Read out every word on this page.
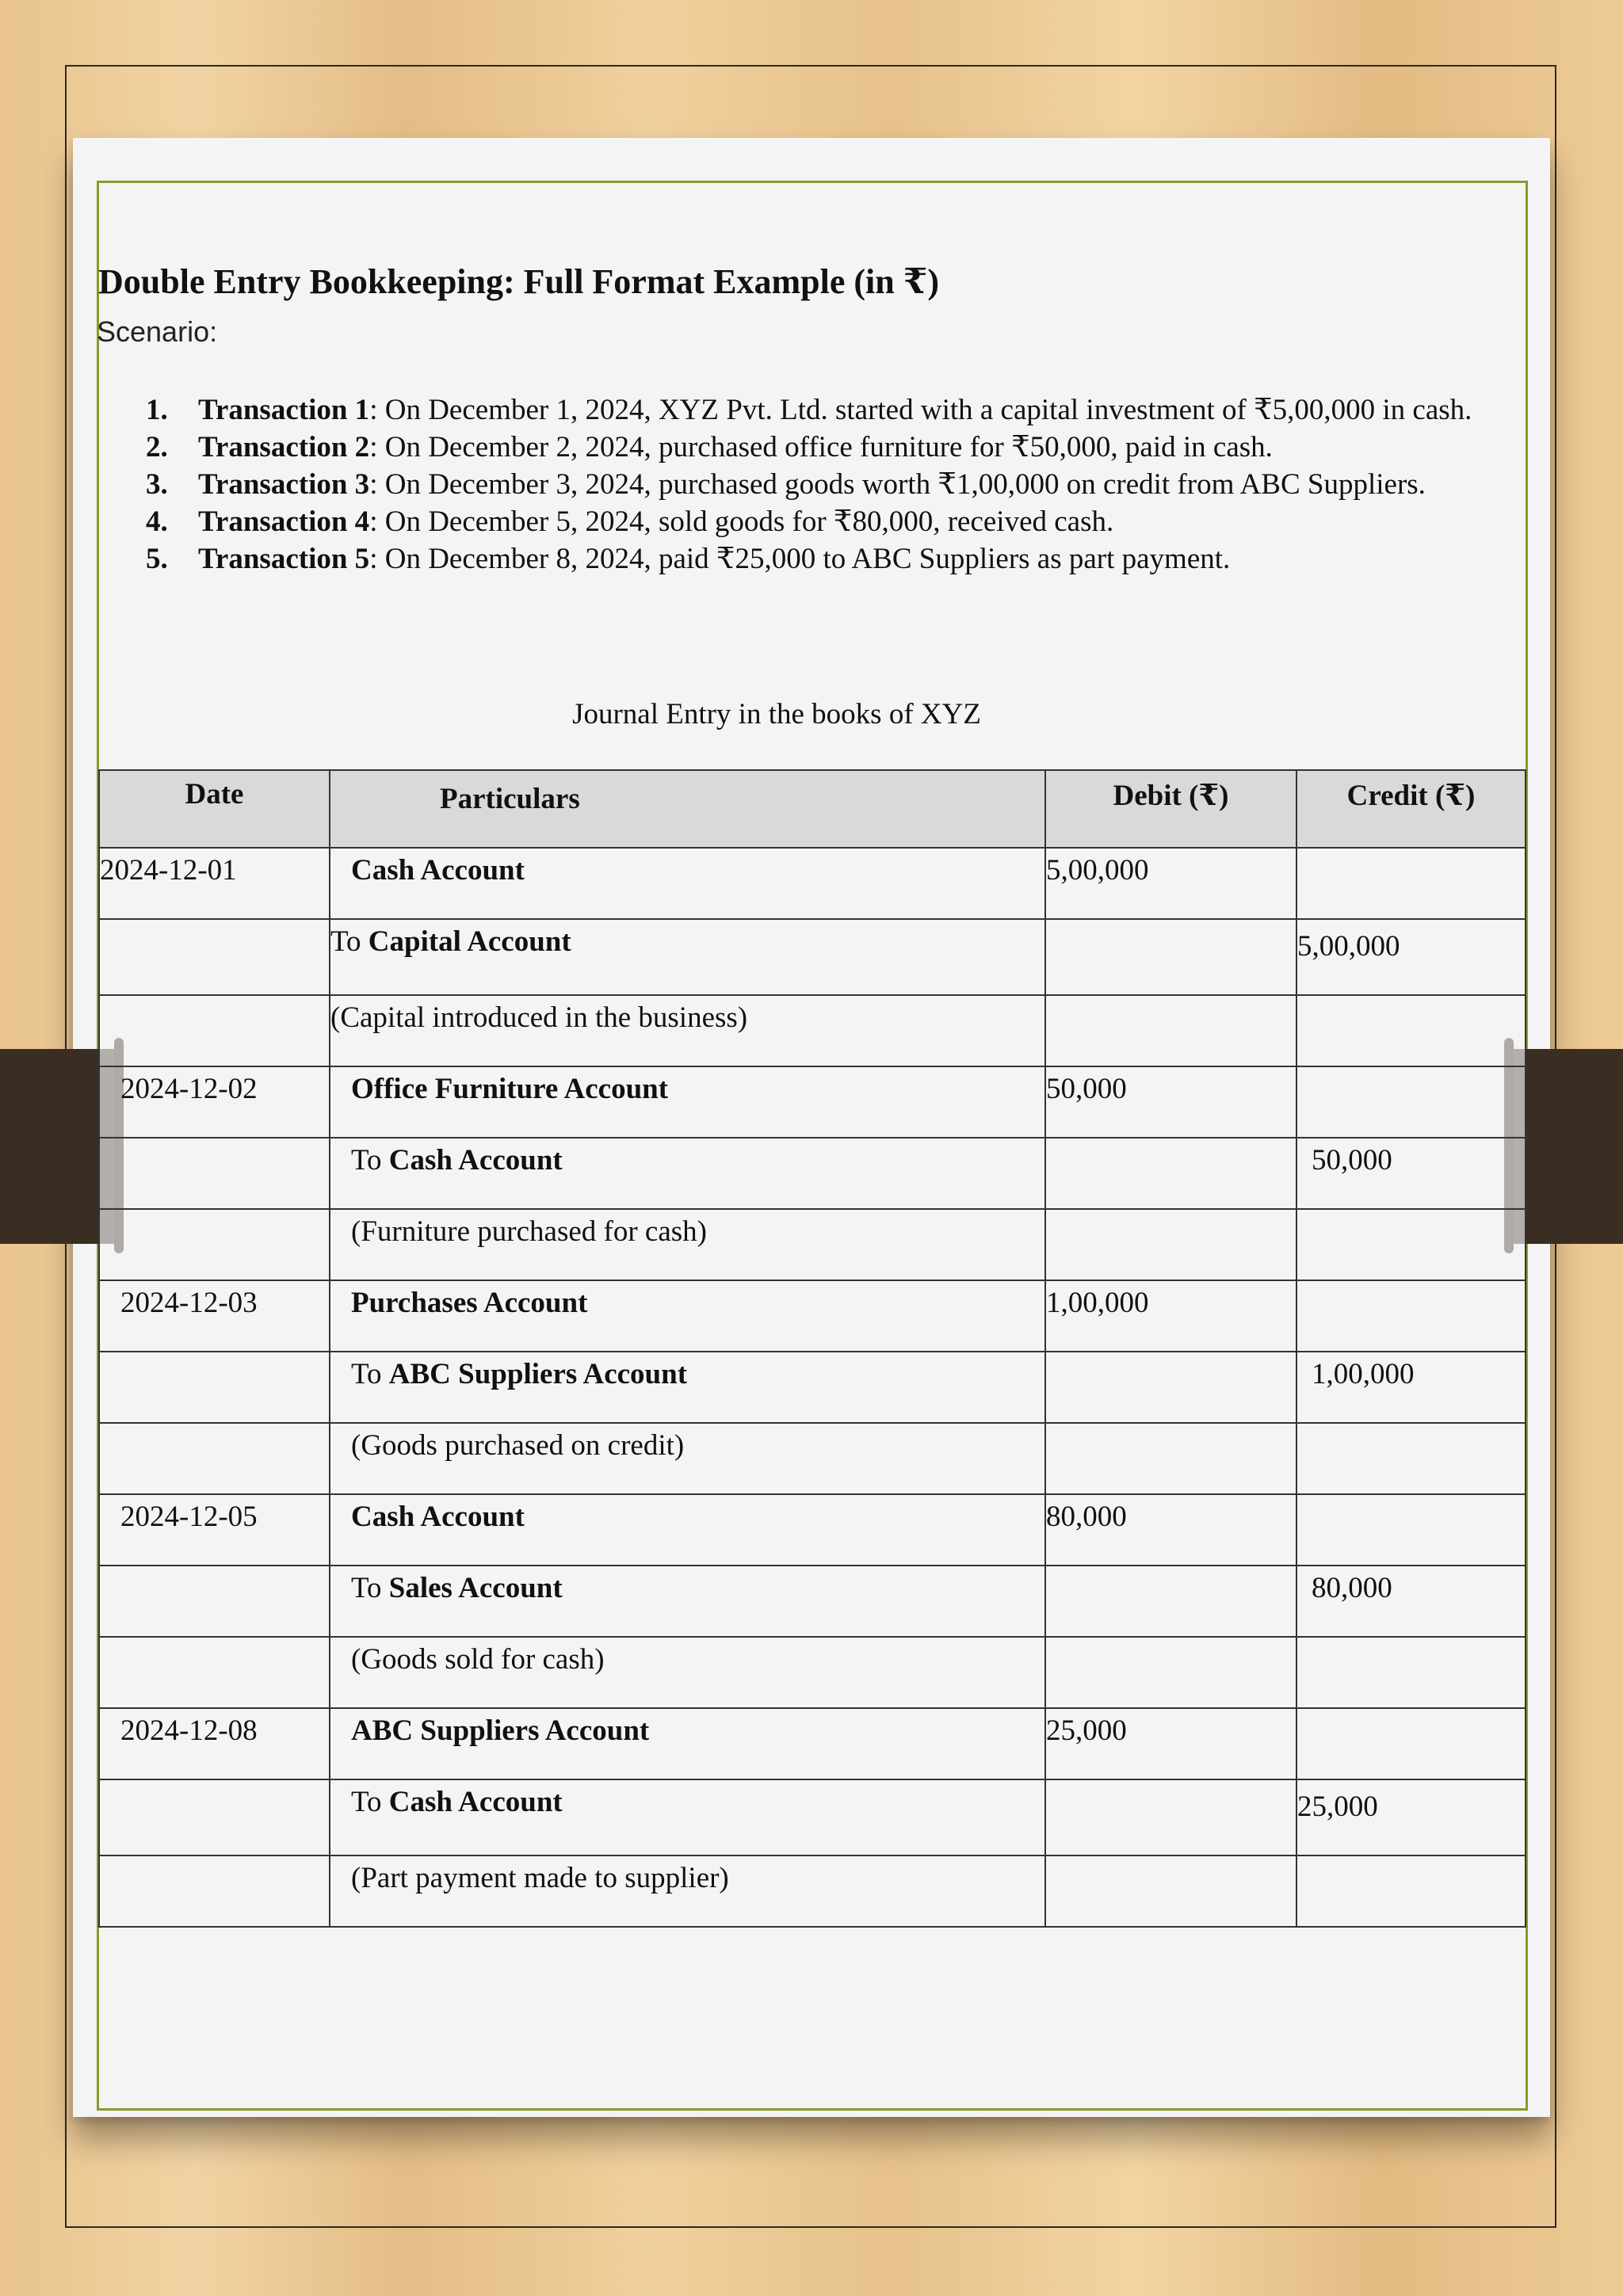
Double Entry Bookkeeping: Full Format Example (in ₹)
Scenario:
1. Transaction 1: On December 1, 2024, XYZ Pvt. Ltd. started with a capital investment of ₹5,00,000 in cash.
2. Transaction 2: On December 2, 2024, purchased office furniture for ₹50,000, paid in cash.
3. Transaction 3: On December 3, 2024, purchased goods worth ₹1,00,000 on credit from ABC Suppliers.
4. Transaction 4: On December 5, 2024, sold goods for ₹80,000, received cash.
5. Transaction 5: On December 8, 2024, paid ₹25,000 to ABC Suppliers as part payment.
Journal Entry in the books of XYZ
Date	Particulars	Debit (₹)	Credit (₹)
2024-12-01	Cash Account	5,00,000	
	To Capital Account		5,00,000
	(Capital introduced in the business)		
2024-12-02	Office Furniture Account	50,000	
	To Cash Account		50,000
	(Furniture purchased for cash)		
2024-12-03	Purchases Account	1,00,000	
	To ABC Suppliers Account		1,00,000
	(Goods purchased on credit)		
2024-12-05	Cash Account	80,000	
	To Sales Account		80,000
	(Goods sold for cash)		
2024-12-08	ABC Suppliers Account	25,000	
	To Cash Account		25,000
	(Part payment made to supplier)		
